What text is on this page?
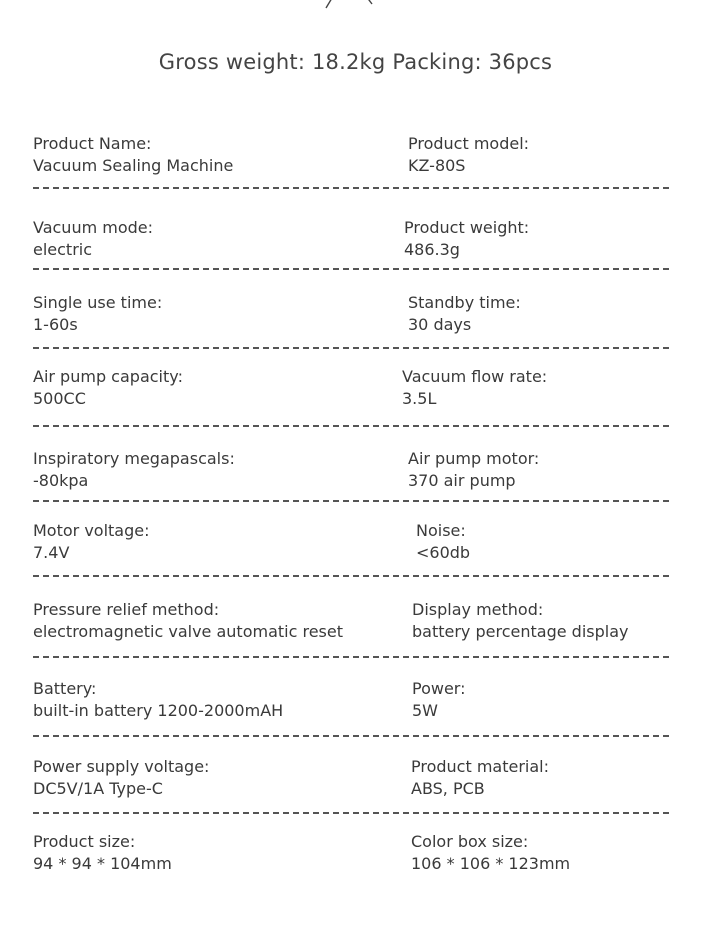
Gross weight: 18.2kg Packing: 36pcs
Product Name:
Vacuum Sealing Machine
Product model:
KZ-80S
Vacuum mode:
electric
Product weight:
486.3g
Single use time:
1-60s
Standby time:
30 days
Air pump capacity:
500CC
Vacuum flow rate:
3.5L
Inspiratory megapascals:
-80kpa
Air pump motor:
370 air pump
Motor voltage:
7.4V
Noise:
<60db
Pressure relief method:
electromagnetic valve automatic reset
Display method:
battery percentage display
Battery:
built-in battery 1200-2000mAH
Power:
5W
Power supply voltage:
DC5V/1A Type-C
Product material:
ABS, PCB
Product size:
94 * 94 * 104mm
Color box size:
106 * 106 * 123mm
